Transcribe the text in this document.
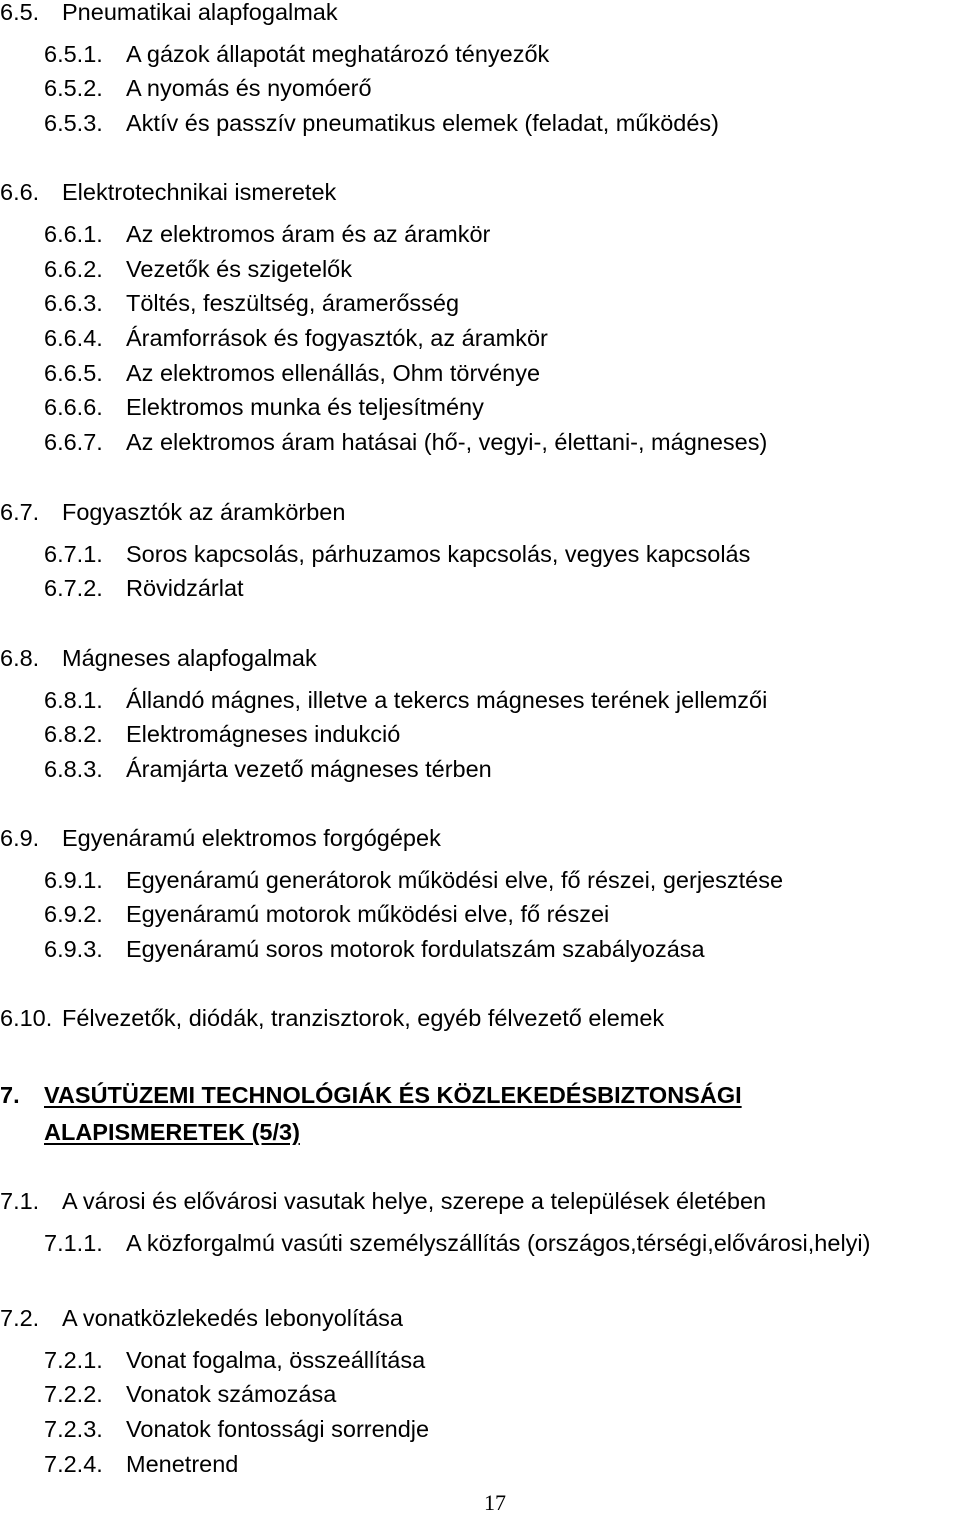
6.5. Pneumatikai alapfogalmak
6.5.1. A gázok állapotát meghatározó tényezők
6.5.2. A nyomás és nyomóerő
6.5.3. Aktív és passzív pneumatikus elemek (feladat, működés)
6.6. Elektrotechnikai ismeretek
6.6.1. Az elektromos áram és az áramkör
6.6.2. Vezetők és szigetelők
6.6.3. Töltés, feszültség, áramerősség
6.6.4. Áramforrások és fogyasztók, az áramkör
6.6.5. Az elektromos ellenállás, Ohm törvénye
6.6.6. Elektromos munka és teljesítmény
6.6.7. Az elektromos áram hatásai (hő-, vegyi-, élettani-, mágneses)
6.7. Fogyasztók az áramkörben
6.7.1. Soros kapcsolás, párhuzamos kapcsolás, vegyes kapcsolás
6.7.2. Rövidzárlat
6.8. Mágneses alapfogalmak
6.8.1. Állandó mágnes, illetve a tekercs mágneses terének jellemzői
6.8.2. Elektromágneses indukció
6.8.3. Áramjárta vezető mágneses térben
6.9. Egyenáramú elektromos forgógépek
6.9.1. Egyenáramú generátorok működési elve, fő részei, gerjesztése
6.9.2. Egyenáramú motorok működési elve, fő részei
6.9.3. Egyenáramú soros motorok fordulatszám szabályozása
6.10. Félvezetők, diódák, tranzisztorok, egyéb félvezető elemek
7. VASÚTÜZEMI TECHNOLÓGIÁK ÉS KÖZLEKEDÉSBIZTONSÁGI
ALAPISMERETEK (5/3)
7.1. A városi és elővárosi vasutak helye, szerepe a települések életében
7.1.1. A közforgalmú vasúti személyszállítás (országos,térségi,elővárosi,helyi)
7.2. A vonatközlekedés lebonyolítása
7.2.1. Vonat fogalma, összeállítása
7.2.2. Vonatok számozása
7.2.3. Vonatok fontossági sorrendje
7.2.4. Menetrend
17
